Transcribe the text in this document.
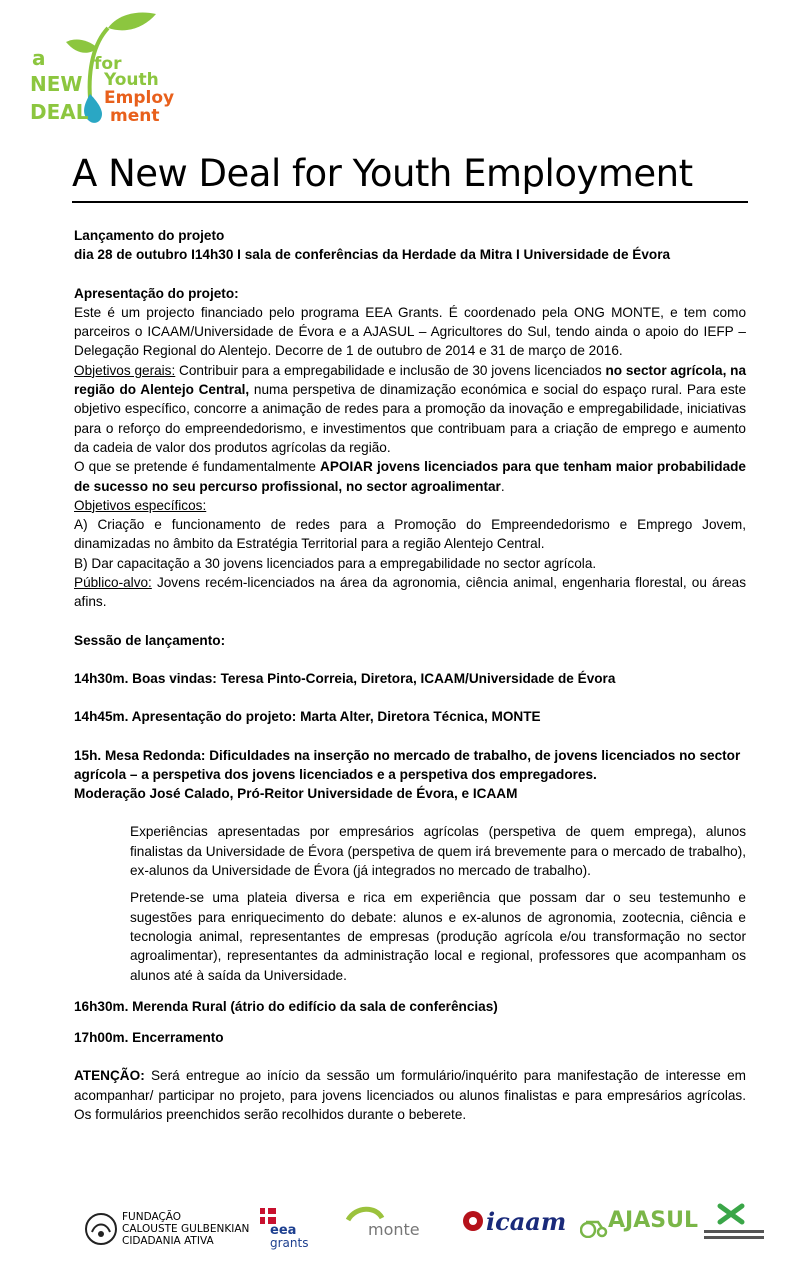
a
NEW
DEAL
for
Youth
Employ
ment
A New Deal for Youth Employment

Lançamento do projeto

dia 28 de outubro I14h30 I sala de conferências da Herdade da Mitra I Universidade de Évora

Apresentação do projeto:

Este é um projecto financiado pelo programa EEA Grants. É coordenado pela ONG MONTE, e tem como parceiros o ICAAM/Universidade de Évora e a AJASUL – Agricultores do Sul, tendo ainda o apoio do IEFP – Delegação Regional do Alentejo. Decorre de 1 de outubro de 2014 e 31 de março de 2016.

Objetivos gerais: Contribuir para a empregabilidade e inclusão de 30 jovens licenciados no sector agrícola, na região do Alentejo Central, numa perspetiva de dinamização económica e social do espaço rural. Para este objetivo específico, concorre a animação de redes para a promoção da inovação e empregabilidade, iniciativas para o reforço do empreendedorismo, e investimentos que contribuam para a criação de emprego e aumento da cadeia de valor dos produtos agrícolas da região.

O que se pretende é fundamentalmente APOIAR jovens licenciados para que tenham maior probabilidade de sucesso no seu percurso profissional, no sector agroalimentar.

Objetivos específicos:

A) Criação e funcionamento de redes para a Promoção do Empreendedorismo e Emprego Jovem, dinamizadas no âmbito da Estratégia Territorial para a região Alentejo Central.

B) Dar capacitação a 30 jovens licenciados para a empregabilidade no sector agrícola.

Público-alvo: Jovens recém-licenciados na área da agronomia, ciência animal, engenharia florestal, ou áreas afins.

Sessão de lançamento:

14h30m. Boas vindas: Teresa Pinto-Correia, Diretora, ICAAM/Universidade de Évora

14h45m. Apresentação do projeto: Marta Alter, Diretora Técnica, MONTE

15h. Mesa Redonda: Dificuldades na inserção no mercado de trabalho, de jovens licenciados no sector agrícola – a perspetiva dos jovens licenciados e a perspetiva dos empregadores.

Moderação José Calado, Pró-Reitor Universidade de Évora, e ICAAM

Experiências apresentadas por empresários agrícolas (perspetiva de quem emprega), alunos finalistas da Universidade de Évora (perspetiva de quem irá brevemente para o mercado de trabalho), ex-alunos da Universidade de Évora (já integrados no mercado de trabalho).

Pretende-se uma plateia diversa e rica em experiência que possam dar o seu testemunho e sugestões para enriquecimento do debate: alunos e ex-alunos de agronomia, zootecnia, ciência e tecnologia animal, representantes de empresas (produção agrícola e/ou transformação no sector agroalimentar), representantes da administração local e regional, professores que acompanham os alunos até à saída da Universidade.

16h30m. Merenda Rural (átrio do edifício da sala de conferências)

17h00m. Encerramento

ATENÇÃO: Será entregue ao início da sessão um formulário/inquérito para manifestação de interesse em acompanhar/ participar no projeto, para jovens licenciados ou alunos finalistas e para empresários agrícolas. Os formulários preenchidos serão recolhidos durante o beberete.

FUNDAÇÃO
CALOUSTE GULBENKIAN
CIDADANIA ATIVA
eea
grants
monte	icaam AJASUL
